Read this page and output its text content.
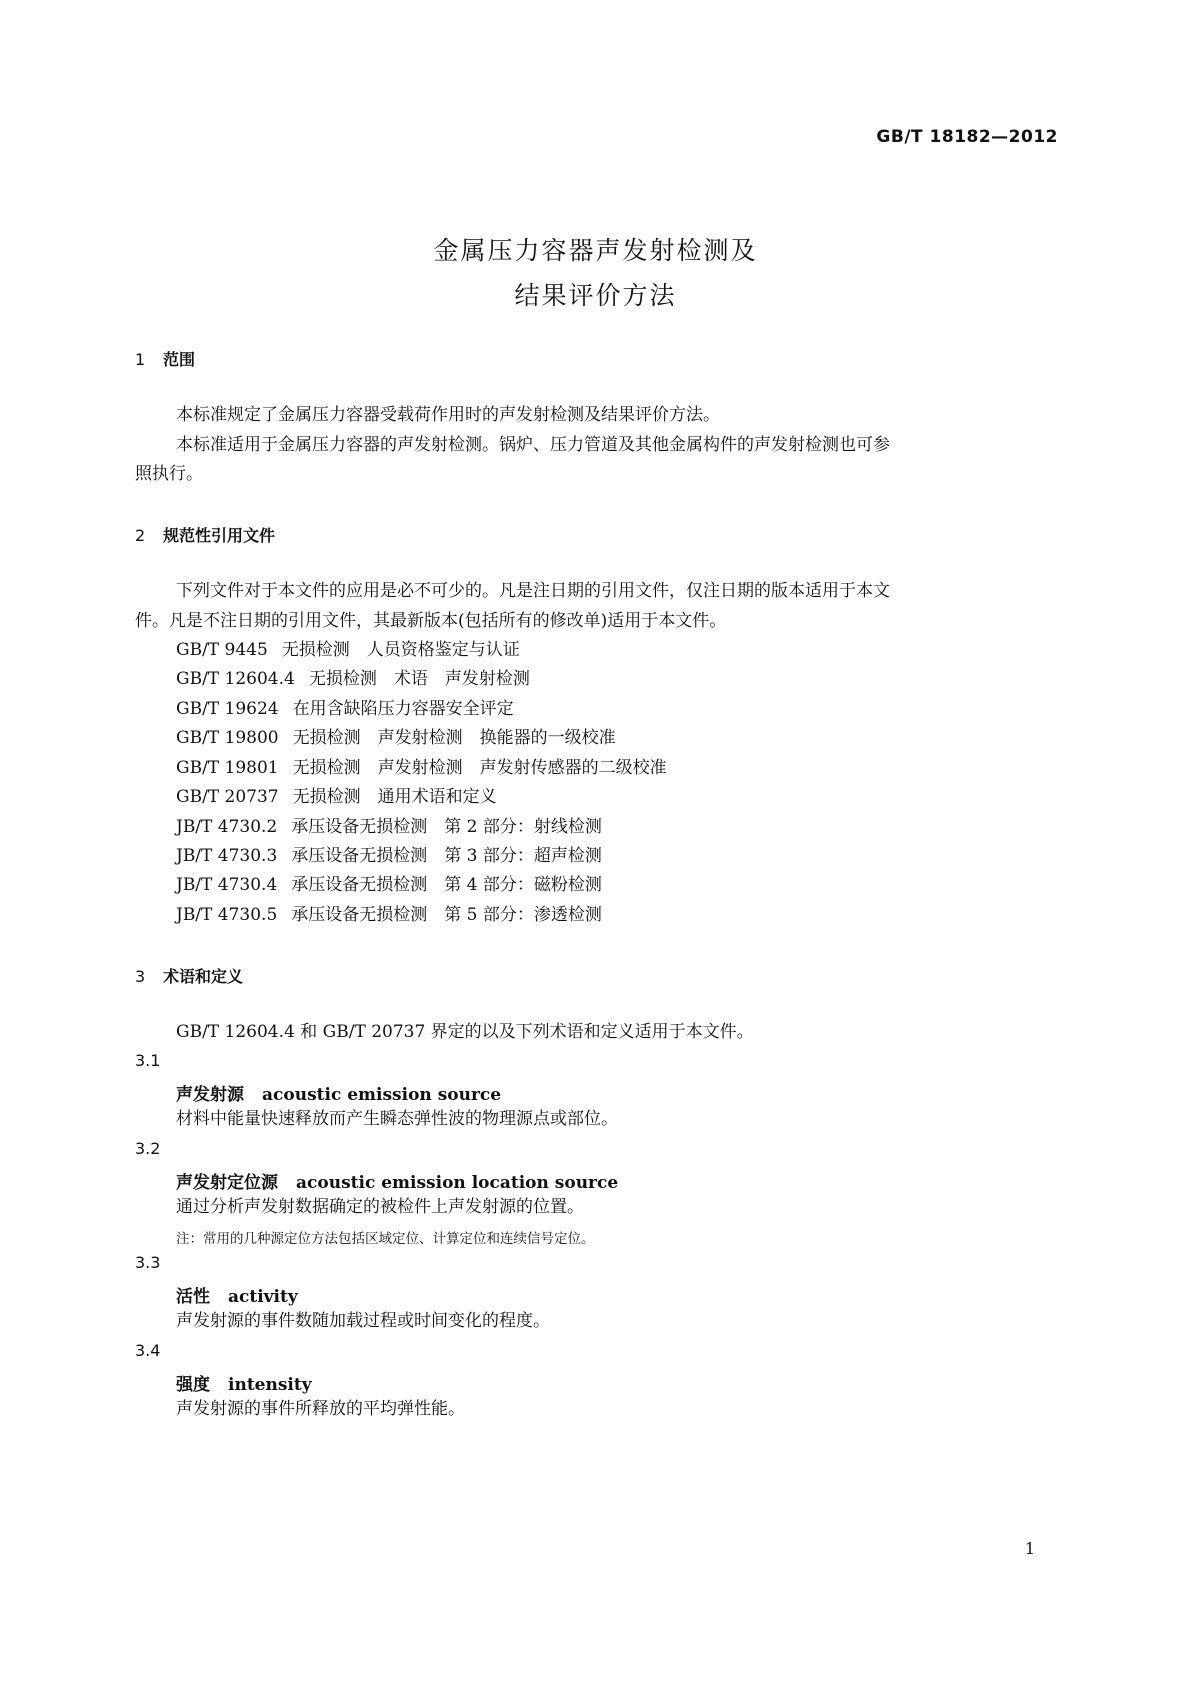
GB/T 18182—2012
金属压力容器声发射检测及
结果评价方法
1 范围
本标准规定了金属压力容器受载荷作用时的声发射检测及结果评价方法。
本标准适用于金属压力容器的声发射检测。锅炉、压力管道及其他金属构件的声发射检测也可参
照执行。
2 规范性引用文件
下列文件对于本文件的应用是必不可少的。凡是注日期的引用文件，仅注日期的版本适用于本文
件。凡是不注日期的引用文件，其最新版本(包括所有的修改单)适用于本文件。
GB/T 9445 无损检测　人员资格鉴定与认证
GB/T 12604.4 无损检测　术语　声发射检测
GB/T 19624 在用含缺陷压力容器安全评定
GB/T 19800 无损检测　声发射检测　换能器的一级校准
GB/T 19801 无损检测　声发射检测　声发射传感器的二级校准
GB/T 20737 无损检测　通用术语和定义
JB/T 4730.2 承压设备无损检测　第 2 部分：射线检测
JB/T 4730.3 承压设备无损检测　第 3 部分：超声检测
JB/T 4730.4 承压设备无损检测　第 4 部分：磁粉检测
JB/T 4730.5 承压设备无损检测　第 5 部分：渗透检测
3 术语和定义
GB/T 12604.4 和 GB/T 20737 界定的以及下列术语和定义适用于本文件。
3.1
声发射源 acoustic emission source
材料中能量快速释放而产生瞬态弹性波的物理源点或部位。
3.2
声发射定位源 acoustic emission location source
通过分析声发射数据确定的被检件上声发射源的位置。
注：常用的几种源定位方法包括区域定位、计算定位和连续信号定位。
3.3
活性 activity
声发射源的事件数随加载过程或时间变化的程度。
3.4
强度 intensity
声发射源的事件所释放的平均弹性能。
1
